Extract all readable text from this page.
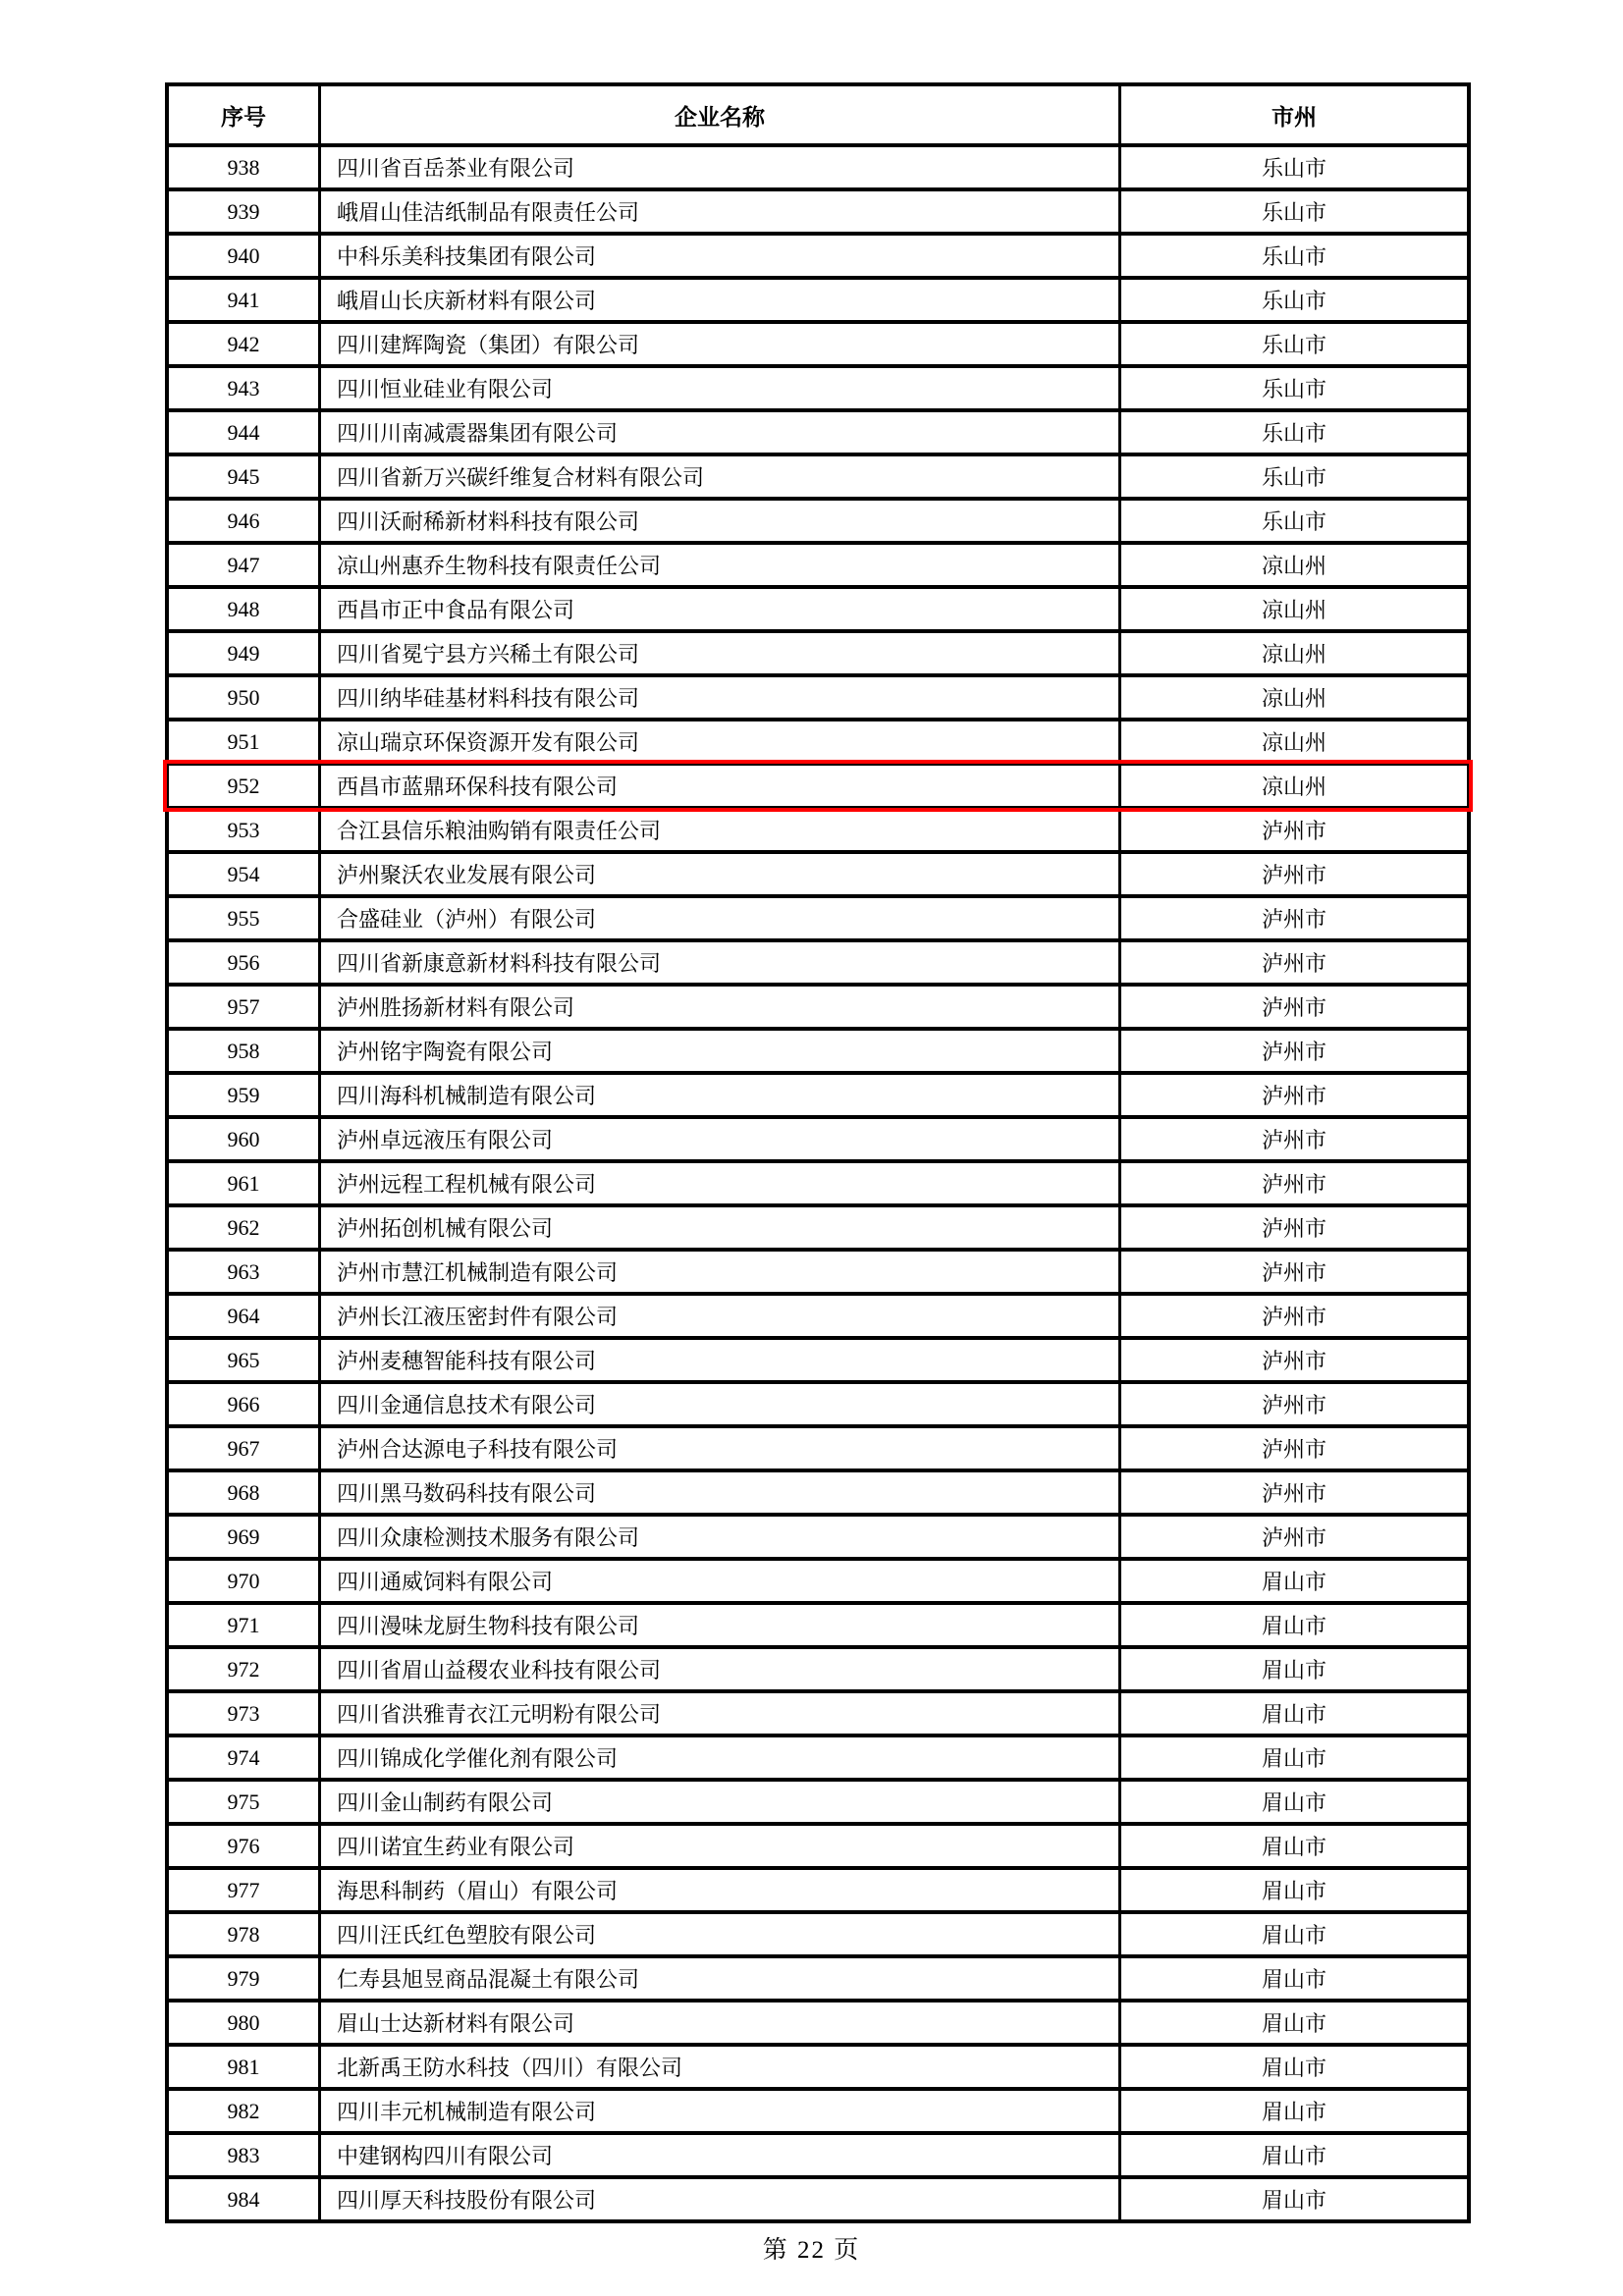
序号	企业名称	市州
938	四川省百岳茶业有限公司	乐山市
939	峨眉山佳洁纸制品有限责任公司	乐山市
940	中科乐美科技集团有限公司	乐山市
941	峨眉山长庆新材料有限公司	乐山市
942	四川建辉陶瓷（集团）有限公司	乐山市
943	四川恒业硅业有限公司	乐山市
944	四川川南减震器集团有限公司	乐山市
945	四川省新万兴碳纤维复合材料有限公司	乐山市
946	四川沃耐稀新材料科技有限公司	乐山市
947	凉山州惠乔生物科技有限责任公司	凉山州
948	西昌市正中食品有限公司	凉山州
949	四川省冕宁县方兴稀土有限公司	凉山州
950	四川纳毕硅基材料科技有限公司	凉山州
951	凉山瑞京环保资源开发有限公司	凉山州
952	西昌市蓝鼎环保科技有限公司	凉山州
953	合江县信乐粮油购销有限责任公司	泸州市
954	泸州聚沃农业发展有限公司	泸州市
955	合盛硅业（泸州）有限公司	泸州市
956	四川省新康意新材料科技有限公司	泸州市
957	泸州胜扬新材料有限公司	泸州市
958	泸州铭宇陶瓷有限公司	泸州市
959	四川海科机械制造有限公司	泸州市
960	泸州卓远液压有限公司	泸州市
961	泸州远程工程机械有限公司	泸州市
962	泸州拓创机械有限公司	泸州市
963	泸州市慧江机械制造有限公司	泸州市
964	泸州长江液压密封件有限公司	泸州市
965	泸州麦穗智能科技有限公司	泸州市
966	四川金通信息技术有限公司	泸州市
967	泸州合达源电子科技有限公司	泸州市
968	四川黑马数码科技有限公司	泸州市
969	四川众康检测技术服务有限公司	泸州市
970	四川通威饲料有限公司	眉山市
971	四川漫味龙厨生物科技有限公司	眉山市
972	四川省眉山益稷农业科技有限公司	眉山市
973	四川省洪雅青衣江元明粉有限公司	眉山市
974	四川锦成化学催化剂有限公司	眉山市
975	四川金山制药有限公司	眉山市
976	四川诺宜生药业有限公司	眉山市
977	海思科制药（眉山）有限公司	眉山市
978	四川汪氏红色塑胶有限公司	眉山市
979	仁寿县旭昱商品混凝土有限公司	眉山市
980	眉山士达新材料有限公司	眉山市
981	北新禹王防水科技（四川）有限公司	眉山市
982	四川丰元机械制造有限公司	眉山市
983	中建钢构四川有限公司	眉山市
984	四川厚天科技股份有限公司	眉山市
第 22 页
